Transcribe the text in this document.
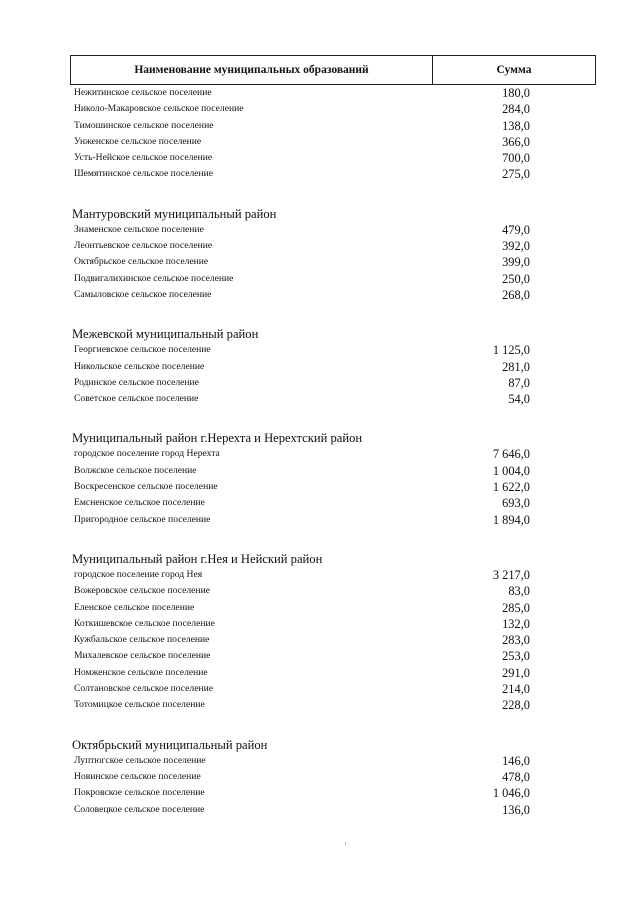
Наименование муниципальных образований	Сумма
Нежитинское сельское поселение	180,0
Николо-Макаровское сельское поселение	284,0
Тимошинское сельское поселение	138,0
Унженское сельское поселение	366,0
Усть-Нейское сельское поселение	700,0
Шемятинское сельское поселение	275,0
Мантуровский муниципальный район
Знаменское сельское поселение	479,0
Леонтьевское сельское поселение	392,0
Октябрьское сельское поселение	399,0
Подвигалихинское сельское поселение	250,0
Самыловское сельское поселение	268,0
Межевской муниципальный район
Георгиевское сельское поселение	1 125,0
Никольское сельское поселение	281,0
Родинское сельское поселение	87,0
Советское сельское поселение	54,0
Муниципальный район г.Нерехта и Нерехтский район
городское поселение город Нерехта	7 646,0
Волжское сельское поселение	1 004,0
Воскресенское сельское поселение	1 622,0
Емсненское сельское поселение	693,0
Пригородное сельское поселение	1 894,0
Муниципальный район г.Нея и Нейский район
городское поселение город Нея	3 217,0
Вожеровское сельское поселение	83,0
Еленское сельское поселение	285,0
Коткишевское сельское поселение	132,0
Кужбальское сельское поселение	283,0
Михалевское сельское поселение	253,0
Номженское сельское поселение	291,0
Солтановское сельское поселение	214,0
Тотомицкое сельское поселение	228,0
Октябрьский муниципальный район
Луптюгское сельское поселение	146,0
Новинское сельское поселение	478,0
Покровское сельское поселение	1 046,0
Соловецкое сельское поселение	136,0
